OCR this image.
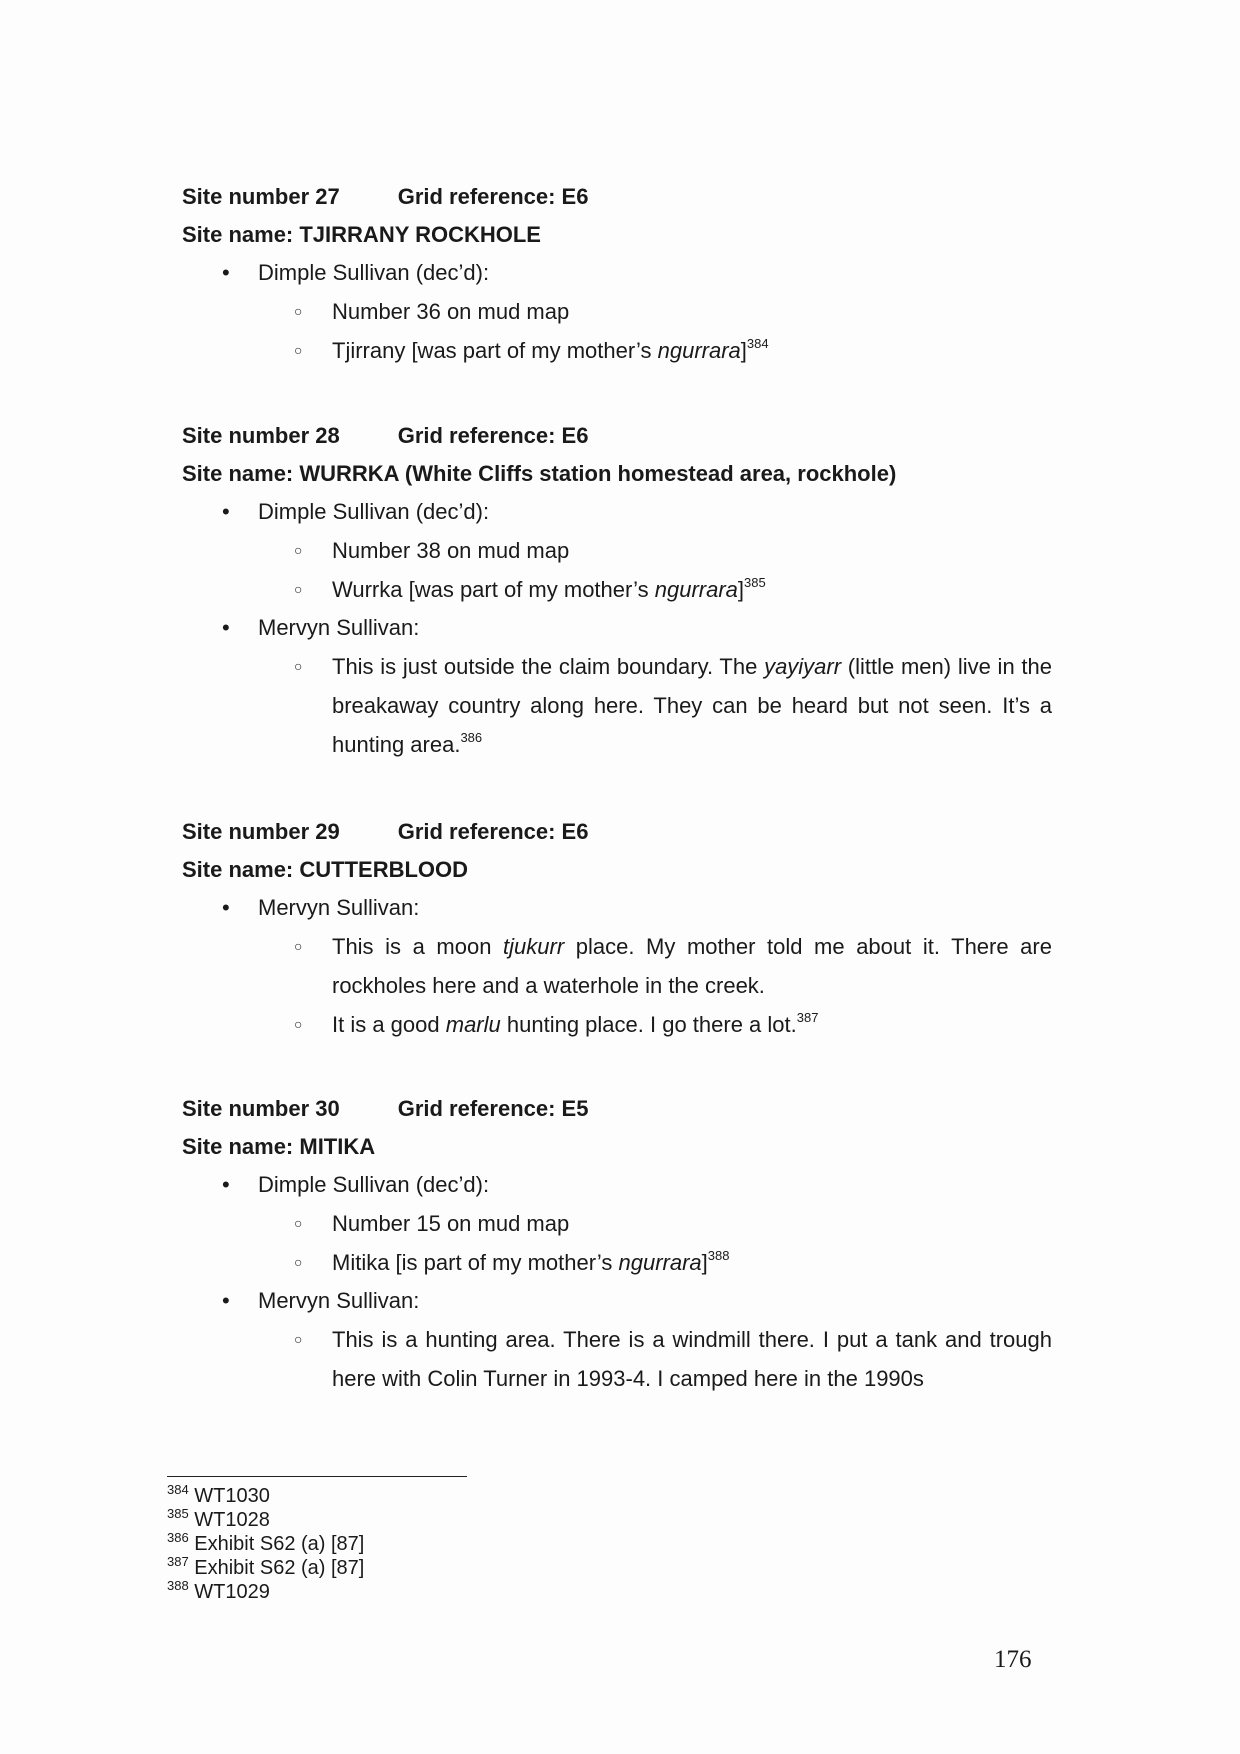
Site number 27	Grid reference: E6
Site name: TJIRRANY ROCKHOLE
• Dimple Sullivan (dec’d):
○ Number 36 on mud map
○ Tjirrany [was part of my mother’s ngurrara]$^{384}$
Site number 28	Grid reference: E6
Site name: WURRKA (White Cliffs station homestead area, rockhole)
• Dimple Sullivan (dec’d):
○ Number 38 on mud map
○ Wurrka [was part of my mother’s ngurrara]$^{385}$
• Mervyn Sullivan:
○ This is just outside the claim boundary. The yayiyarr (little men) live in the breakaway country along here. They can be heard but not seen. It’s a hunting area.$^{386}$
Site number 29	Grid reference: E6
Site name: CUTTERBLOOD
• Mervyn Sullivan:
○ This is a moon tjukurr place. My mother told me about it. There are rockholes here and a waterhole in the creek.
○ It is a good marlu hunting place. I go there a lot.$^{387}$
Site number 30	Grid reference: E5
Site name: MITIKA
• Dimple Sullivan (dec’d):
○ Number 15 on mud map
○ Mitika [is part of my mother’s ngurrara]$^{388}$
• Mervyn Sullivan:
○ This is a hunting area. There is a windmill there. I put a tank and trough here with Colin Turner in 1993-4. I camped here in the 1990s
$^{384}$ WT1030
$^{385}$ WT1028
$^{386}$ Exhibit S62 (a) [87]
$^{387}$ Exhibit S62 (a) [87]
$^{388}$ WT1029
176
